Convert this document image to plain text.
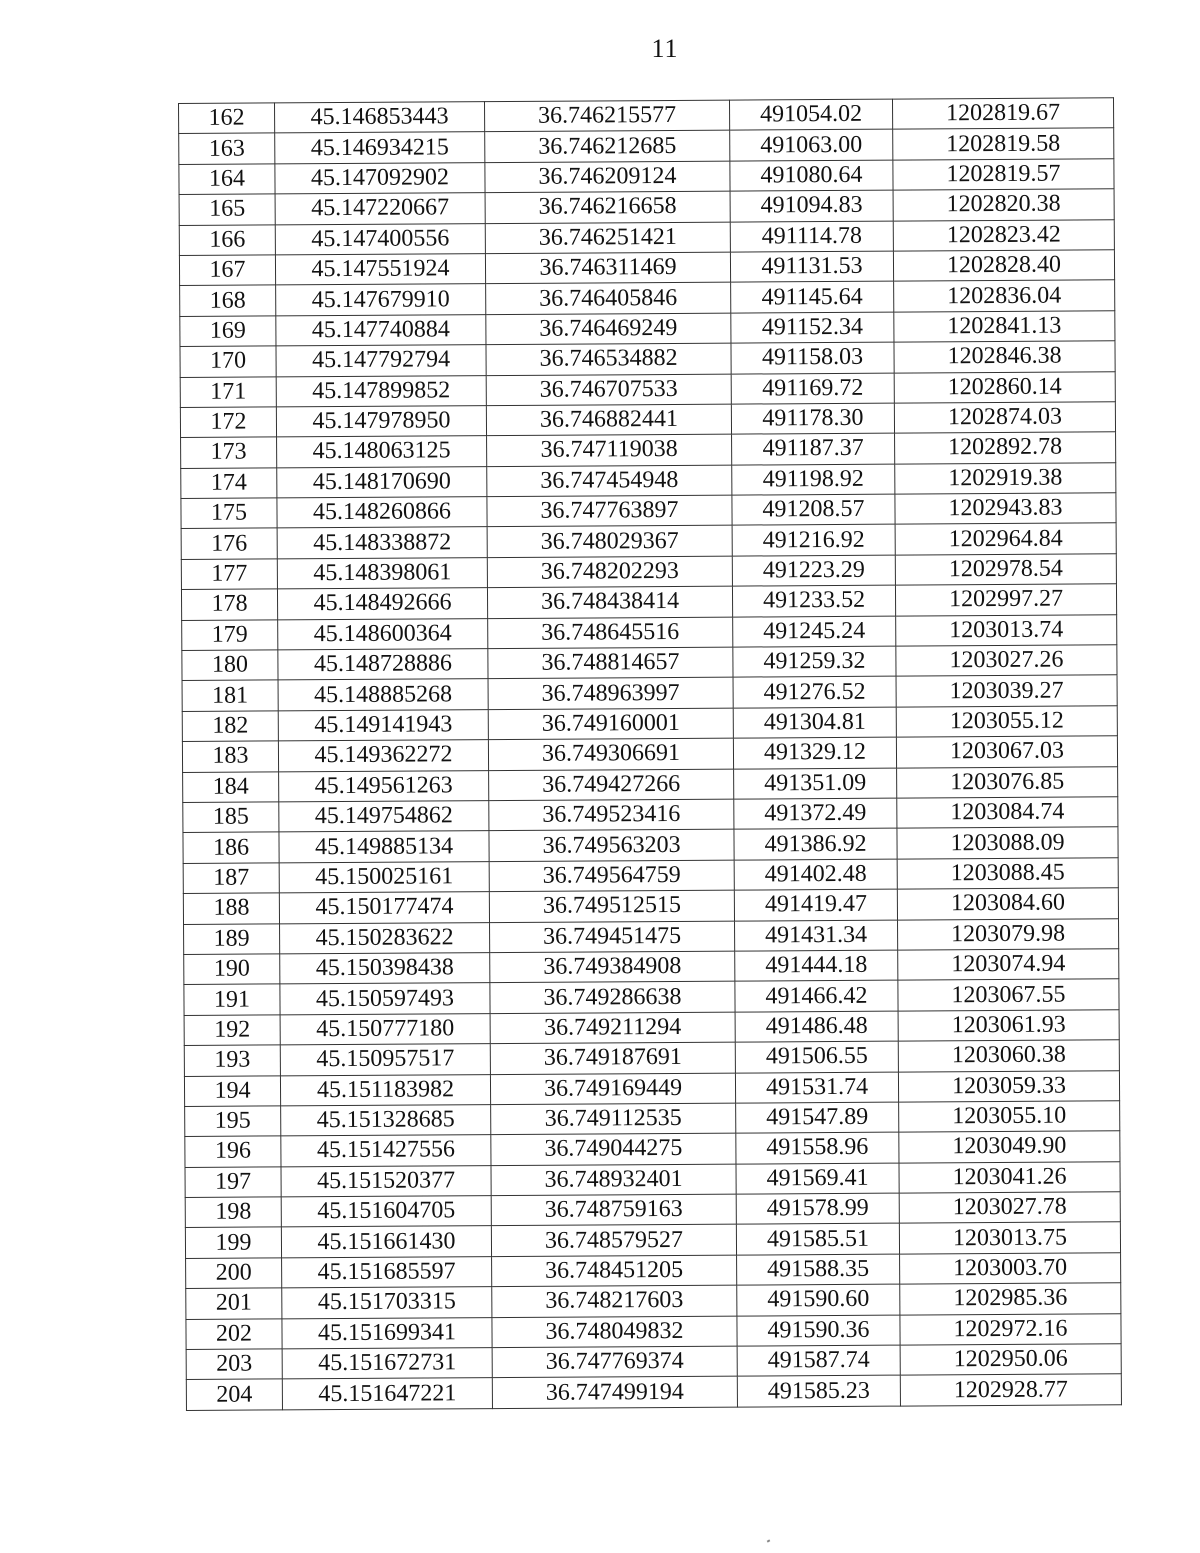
11
162	45.146853443	36.746215577	491054.02	1202819.67
163	45.146934215	36.746212685	491063.00	1202819.58
164	45.147092902	36.746209124	491080.64	1202819.57
165	45.147220667	36.746216658	491094.83	1202820.38
166	45.147400556	36.746251421	491114.78	1202823.42
167	45.147551924	36.746311469	491131.53	1202828.40
168	45.147679910	36.746405846	491145.64	1202836.04
169	45.147740884	36.746469249	491152.34	1202841.13
170	45.147792794	36.746534882	491158.03	1202846.38
171	45.147899852	36.746707533	491169.72	1202860.14
172	45.147978950	36.746882441	491178.30	1202874.03
173	45.148063125	36.747119038	491187.37	1202892.78
174	45.148170690	36.747454948	491198.92	1202919.38
175	45.148260866	36.747763897	491208.57	1202943.83
176	45.148338872	36.748029367	491216.92	1202964.84
177	45.148398061	36.748202293	491223.29	1202978.54
178	45.148492666	36.748438414	491233.52	1202997.27
179	45.148600364	36.748645516	491245.24	1203013.74
180	45.148728886	36.748814657	491259.32	1203027.26
181	45.148885268	36.748963997	491276.52	1203039.27
182	45.149141943	36.749160001	491304.81	1203055.12
183	45.149362272	36.749306691	491329.12	1203067.03
184	45.149561263	36.749427266	491351.09	1203076.85
185	45.149754862	36.749523416	491372.49	1203084.74
186	45.149885134	36.749563203	491386.92	1203088.09
187	45.150025161	36.749564759	491402.48	1203088.45
188	45.150177474	36.749512515	491419.47	1203084.60
189	45.150283622	36.749451475	491431.34	1203079.98
190	45.150398438	36.749384908	491444.18	1203074.94
191	45.150597493	36.749286638	491466.42	1203067.55
192	45.150777180	36.749211294	491486.48	1203061.93
193	45.150957517	36.749187691	491506.55	1203060.38
194	45.151183982	36.749169449	491531.74	1203059.33
195	45.151328685	36.749112535	491547.89	1203055.10
196	45.151427556	36.749044275	491558.96	1203049.90
197	45.151520377	36.748932401	491569.41	1203041.26
198	45.151604705	36.748759163	491578.99	1203027.78
199	45.151661430	36.748579527	491585.51	1203013.75
200	45.151685597	36.748451205	491588.35	1203003.70
201	45.151703315	36.748217603	491590.60	1202985.36
202	45.151699341	36.748049832	491590.36	1202972.16
203	45.151672731	36.747769374	491587.74	1202950.06
204	45.151647221	36.747499194	491585.23	1202928.77
